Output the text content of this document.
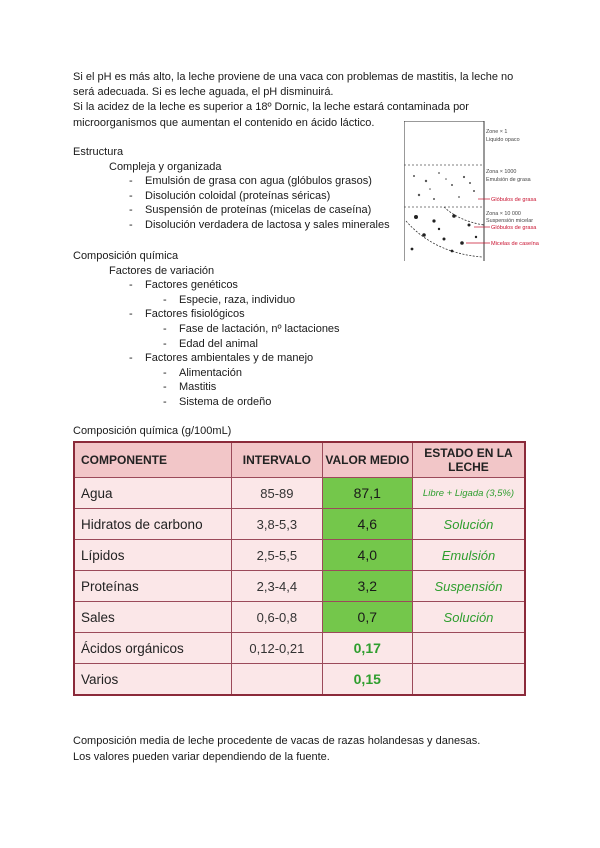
Si el pH es más alto, la leche proviene de una vaca con problemas de mastitis, la leche no
será adecuada. Si es leche aguada, el pH disminuirá.
Si la acidez de la leche es superior a 18º Dornic, la leche estará contaminada por
microorganismos que aumentan el contenido en ácido láctico.
Estructura
Compleja y organizada
- Emulsión de grasa con agua (glóbulos grasos)
- Disolución coloidal (proteínas séricas)
- Suspensión de proteínas (micelas de caseína)
- Disolución verdadera de lactosa y sales minerales
Zone × 1
Liquido opaco
Zona × 1000
Emulsión de grasa
Zona × 10 000
Suspensión micelar
Glóbulos de grasa
Glóbulos de grasa
Micelas de caseína
Composición química
Factores de variación
- Factores genéticos
- Especie, raza, individuo
- Factores fisiológicos
- Fase de lactación, nº lactaciones
- Edad del animal
- Factores ambientales y de manejo
- Alimentación
- Mastitis
- Sistema de ordeño
Composición química (g/100mL)
COMPONENTE	INTERVALO	VALOR MEDIO	ESTADO EN LA LECHE
Agua	85-89	87,1	Libre + Ligada (3,5%)
Hidratos de carbono	3,8-5,3	4,6	Solución
Lípidos	2,5-5,5	4,0	Emulsión
Proteínas	2,3-4,4	3,2	Suspensión
Sales	0,6-0,8	0,7	Solución
Ácidos orgánicos	0,12-0,21	0,17	
Varios		0,15	
Composición media de leche procedente de vacas de razas holandesas y danesas.
Los valores pueden variar dependiendo de la fuente.
